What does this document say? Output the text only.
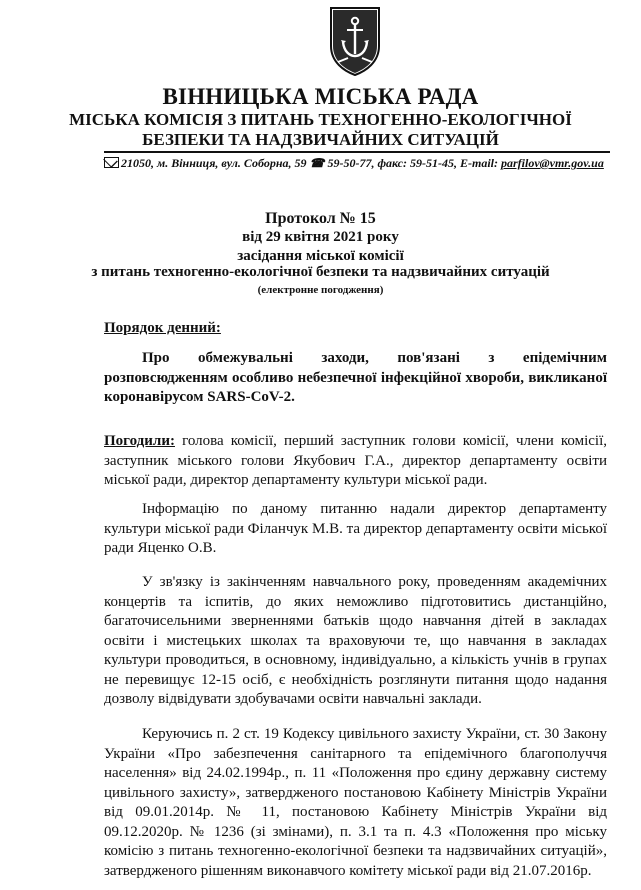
ВІННИЦЬКА МІСЬКА РАДА
МІСЬКА КОМІСІЯ З ПИТАНЬ ТЕХНОГЕННО-ЕКОЛОГІЧНОЇ
БЕЗПЕКИ ТА НАДЗВИЧАЙНИХ СИТУАЦІЙ
21050, м. Вінниця, вул. Соборна, 59 ☎ 59-50-77, факс: 59-51-45, E-mail: parfilov@vmr.gov.ua
Протокол № 15
від 29 квітня 2021 року
засідання міської комісії
з питань техногенно-екологічної безпеки та надзвичайних ситуацій
(електронне погодження)
Порядок денний:
Про обмежувальні заходи, пов'язані з епідемічним розповсюдженням особливо небезпечної інфекційної хвороби, викликаної коронавірусом SARS-CoV-2.
Погодили: голова комісії, перший заступник голови комісії, члени комісії, заступник міського голови Якубович Г.А., директор департаменту освіти міської ради, директор департаменту культури міської ради.
Інформацію по даному питанню надали директор департаменту культури міської ради Філанчук М.В. та директор департаменту освіти міської ради Яценко О.В.
У зв'язку із закінченням навчального року, проведенням академічних концертів та іспитів, до яких неможливо підготовитись дистанційно, багаточисельними зверненнями батьків щодо навчання дітей в закладах освіти і мистецьких школах та враховуючи те, що навчання в закладах культури проводиться, в основному, індивідуально, а кількість учнів в групах не перевищує 12-15 осіб, є необхідність розглянути питання щодо надання дозволу відвідувати здобувачами освіти навчальні заклади.
Керуючись п. 2 ст. 19 Кодексу цивільного захисту України, ст. 30 Закону України «Про забезпечення санітарного та епідемічного благополуччя населення» від 24.02.1994р., п. 11 «Положення про єдину державну систему цивільного захисту», затвердженого постановою Кабінету Міністрів України від 09.01.2014р. № 11, постановою Кабінету Міністрів України від 09.12.2020р. № 1236 (зі змінами), п. 3.1 та п. 4.3 «Положення про міську комісію з питань техногенно-екологічної безпеки та надзвичайних ситуацій», затвердженого рішенням виконавчого комітету міської ради від 21.07.2016р.
